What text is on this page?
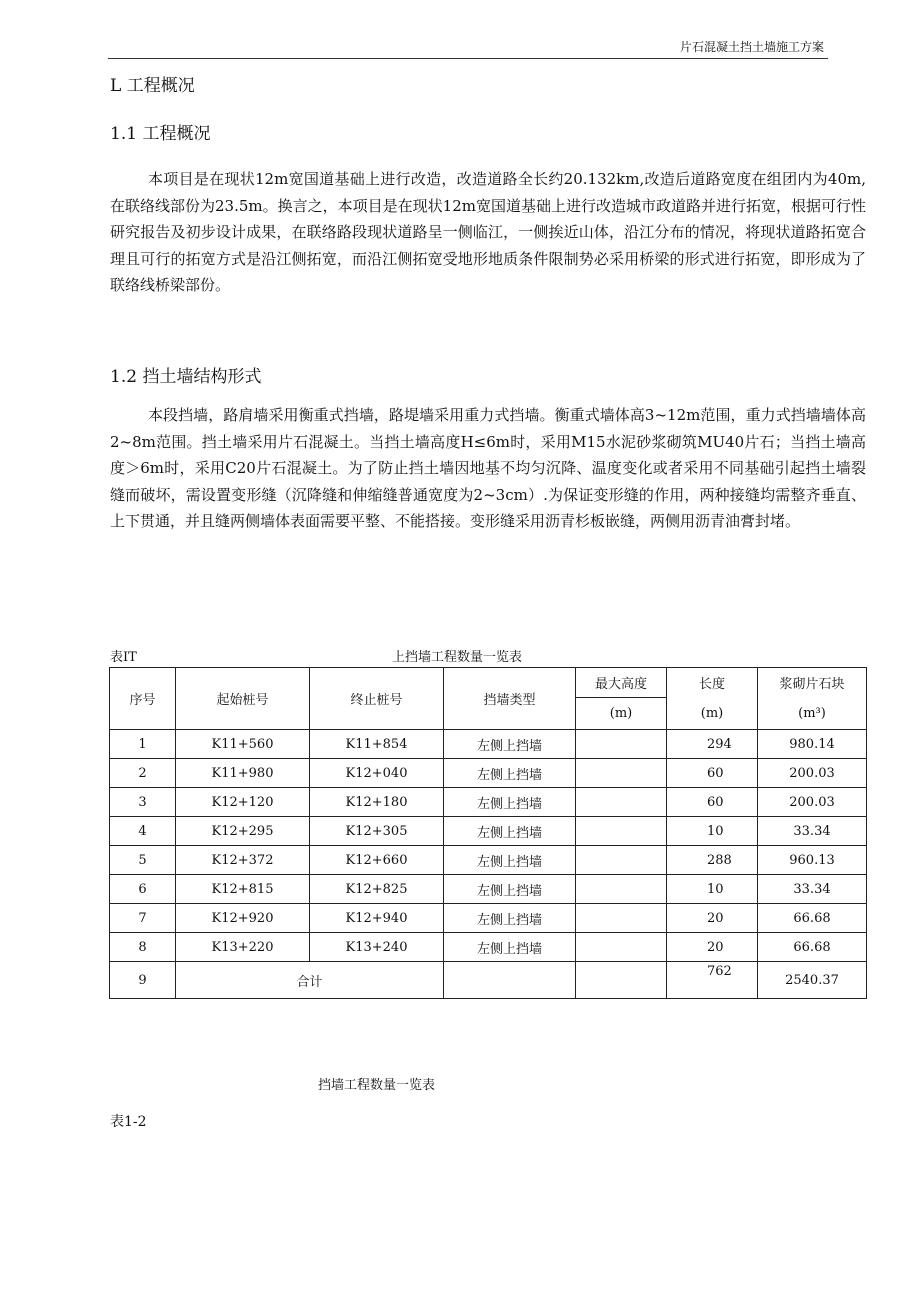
片石混凝土挡土墙施工方案
L 工程概况
1.1 工程概况

本项目是在现状12m宽国道基础上进行改造，改造道路全长约20.132km,改造后道路宽度在组团内为40m,在联络线部份为23.5m。换言之，本项目是在现状12m宽国道基础上进行改造城市政道路并进行拓宽，根据可行性研究报告及初步设计成果，在联络路段现状道路呈一侧临江，一侧挨近山体，沿江分布的情况，将现状道路拓宽合理且可行的拓宽方式是沿江侧拓宽，而沿江侧拓宽受地形地质条件限制势必采用桥梁的形式进行拓宽，即形成为了联络线桥梁部份。

1.2 挡土墙结构形式

本段挡墙，路肩墙采用衡重式挡墙，路堤墙采用重力式挡墙。衡重式墙体高3~12m范围，重力式挡墙墙体高2~8m范围。挡土墙采用片石混凝土。当挡土墙高度H≤6m时，采用M15水泥砂浆砌筑MU40片石；当挡土墙高度＞6m时，采用C20片石混凝土。为了防止挡土墙因地基不均匀沉降、温度变化或者采用不同基础引起挡土墙裂缝而破坏，需设置变形缝（沉降缝和伸缩缝普通宽度为2~3cm）.为保证变形缝的作用，两种接缝均需整齐垂直、上下贯通，并且缝两侧墙体表面需要平整、不能搭接。变形缝采用沥青杉板嵌缝，两侧用沥青油膏封堵。

表IT	上挡墙工程数量一览表
序号	起始桩号	终止桩号	挡墙类型	最大高度	长度	浆砌片石块
				(m)	(m)	(m³)
1	K11+560	K11+854	左侧上挡墙		294	980.14
2	K11+980	K12+040	左侧上挡墙		60	200.03
3	K12+120	K12+180	左侧上挡墙		60	200.03
4	K12+295	K12+305	左侧上挡墙		10	33.34
5	K12+372	K12+660	左侧上挡墙		288	960.13
6	K12+815	K12+825	左侧上挡墙		10	33.34
7	K12+920	K12+940	左侧上挡墙		20	66.68
8	K13+220	K13+240	左侧上挡墙		20	66.68
9	合计				762	2540.37
挡墙工程数量一览表
表1-2
